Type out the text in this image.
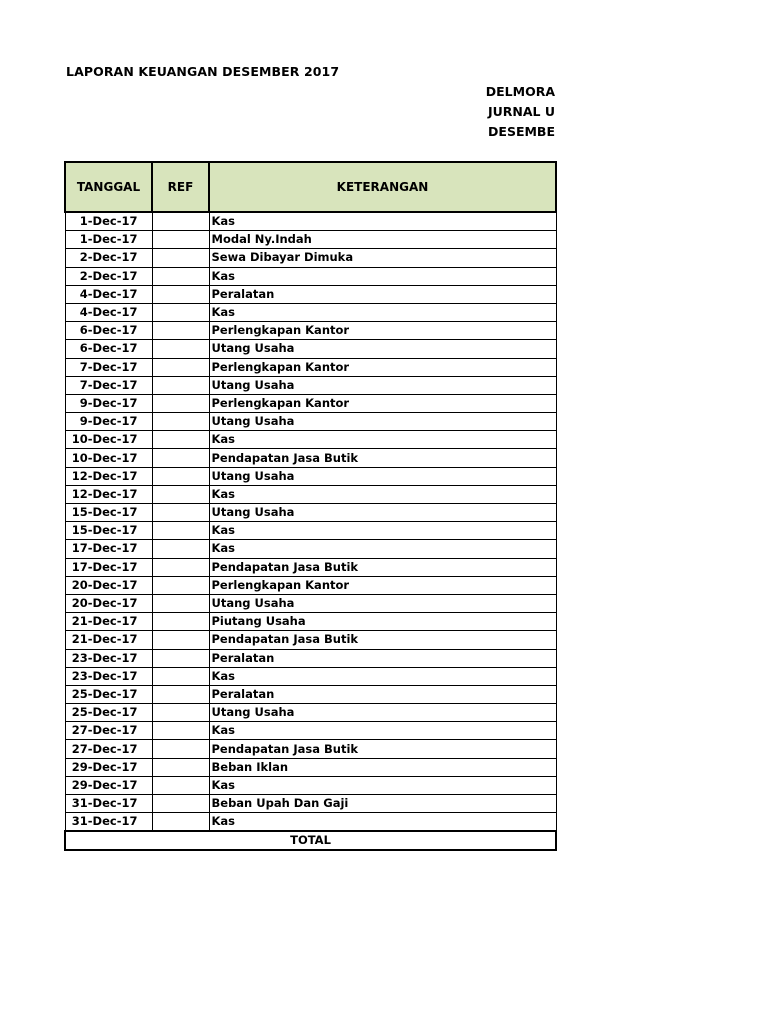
LAPORAN KEUANGAN DESEMBER 2017
DELMORA
JURNAL U
DESEMBE
TANGGAL	REF	KETERANGAN
1-Dec-17		Kas
1-Dec-17		Modal Ny.Indah
2-Dec-17		Sewa Dibayar Dimuka
2-Dec-17		Kas
4-Dec-17		Peralatan
4-Dec-17		Kas
6-Dec-17		Perlengkapan Kantor
6-Dec-17		Utang Usaha
7-Dec-17		Perlengkapan Kantor
7-Dec-17		Utang Usaha
9-Dec-17		Perlengkapan Kantor
9-Dec-17		Utang Usaha
10-Dec-17		Kas
10-Dec-17		Pendapatan Jasa Butik
12-Dec-17		Utang Usaha
12-Dec-17		Kas
15-Dec-17		Utang Usaha
15-Dec-17		Kas
17-Dec-17		Kas
17-Dec-17		Pendapatan Jasa Butik
20-Dec-17		Perlengkapan Kantor
20-Dec-17		Utang Usaha
21-Dec-17		Piutang Usaha
21-Dec-17		Pendapatan Jasa Butik
23-Dec-17		Peralatan
23-Dec-17		Kas
25-Dec-17		Peralatan
25-Dec-17		Utang Usaha
27-Dec-17		Kas
27-Dec-17		Pendapatan Jasa Butik
29-Dec-17		Beban Iklan
29-Dec-17		Kas
31-Dec-17		Beban Upah Dan Gaji
31-Dec-17		Kas
TOTAL		
